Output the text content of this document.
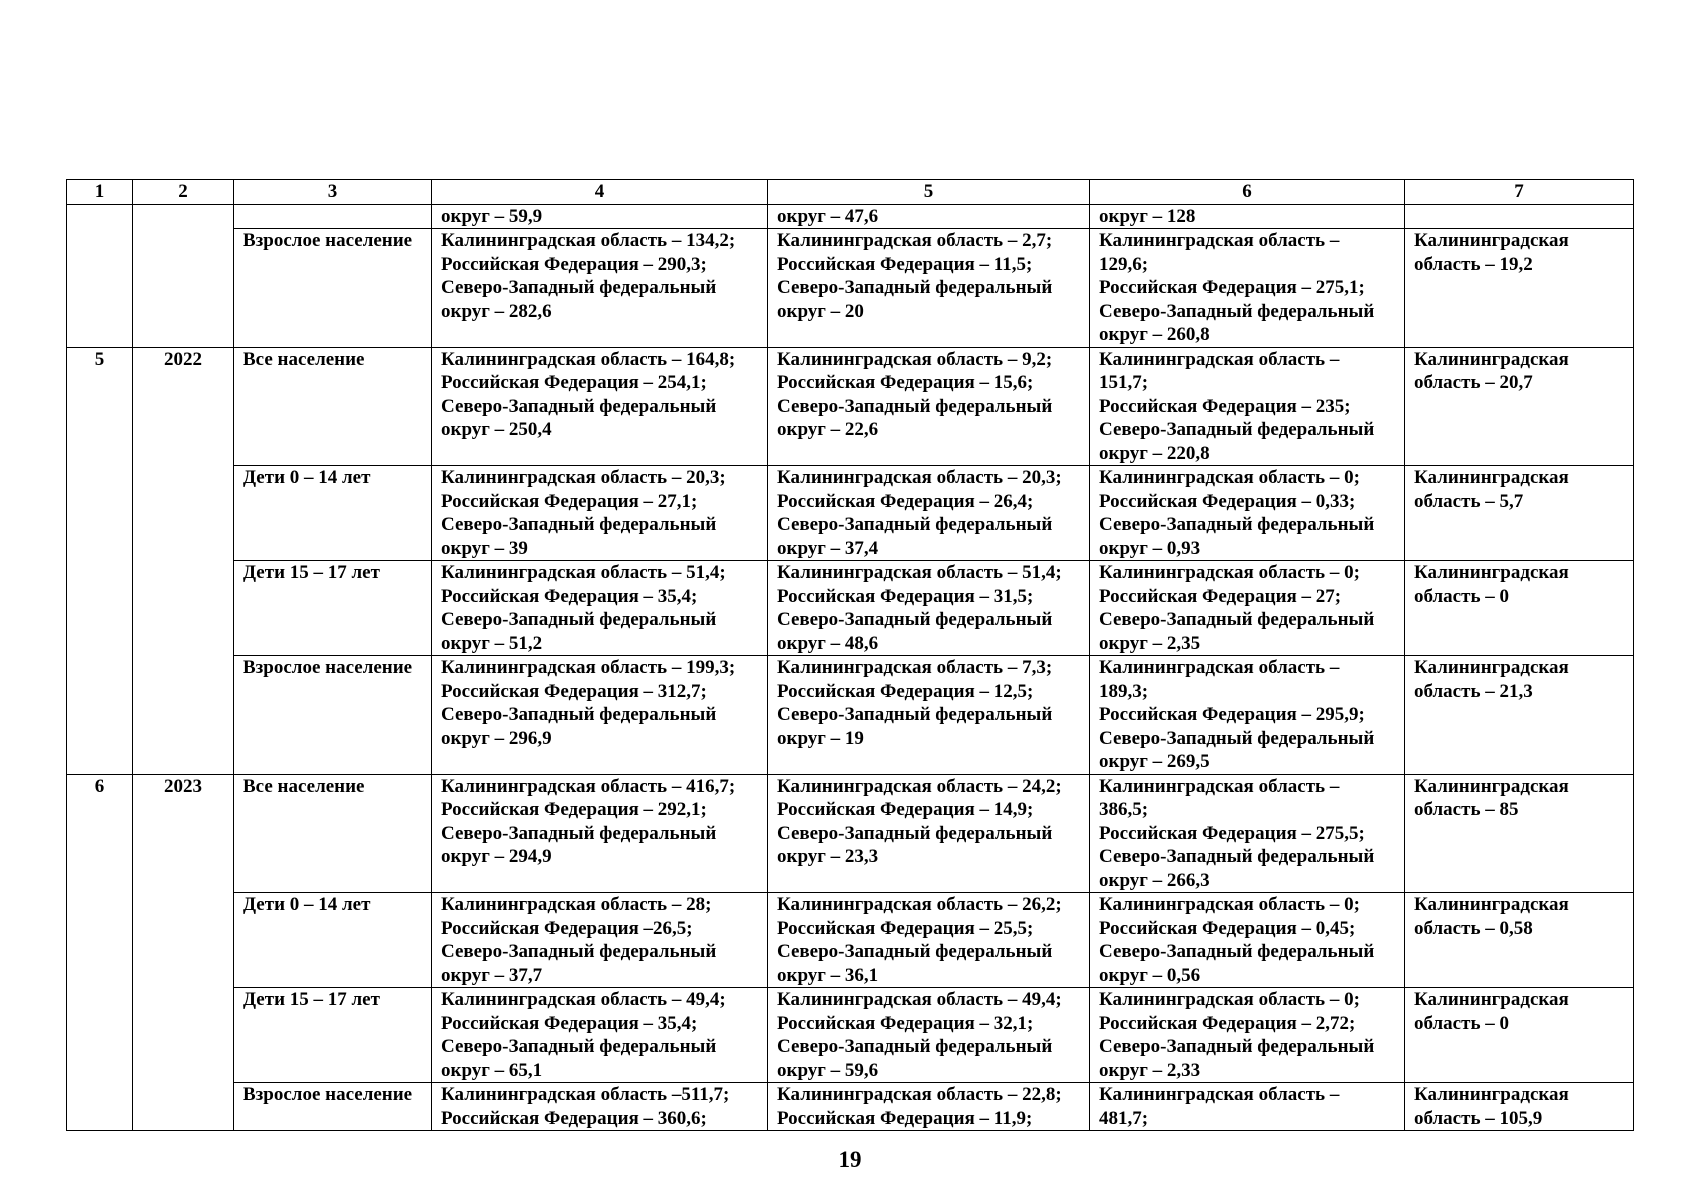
1	2	3	4	5	6	7

			округ – 59,9	округ – 47,6	округ – 128	

		Взрослое население	Калининградская область – 134,2;
Российская Федерация – 290,3;
Северо-Западный федеральный
округ – 282,6	Калининградская область – 2,7;
Российская Федерация – 11,5;
Северо-Западный федеральный
округ – 20	Калининградская область –
129,6;
Российская Федерация – 275,1;
Северо-Западный федеральный
округ – 260,8	Калининградская
область – 19,2

5	2022	Все население	Калининградская область – 164,8;
Российская Федерация – 254,1;
Северо-Западный федеральный
округ – 250,4	Калининградская область – 9,2;
Российская Федерация – 15,6;
Северо-Западный федеральный
округ – 22,6	Калининградская область –
151,7;
Российская Федерация – 235;
Северо-Западный федеральный
округ – 220,8	Калининградская
область – 20,7

		Дети 0 – 14 лет	Калининградская область – 20,3;
Российская Федерация – 27,1;
Северо-Западный федеральный
округ – 39	Калининградская область – 20,3;
Российская Федерация – 26,4;
Северо-Западный федеральный
округ – 37,4	Калининградская область – 0;
Российская Федерация – 0,33;
Северо-Западный федеральный
округ – 0,93	Калининградская
область – 5,7

		Дети 15 – 17 лет	Калининградская область – 51,4;
Российская Федерация – 35,4;
Северо-Западный федеральный
округ – 51,2	Калининградская область – 51,4;
Российская Федерация – 31,5;
Северо-Западный федеральный
округ – 48,6	Калининградская область – 0;
Российская Федерация – 27;
Северо-Западный федеральный
округ – 2,35	Калининградская
область – 0

		Взрослое население	Калининградская область – 199,3;
Российская Федерация – 312,7;
Северо-Западный федеральный
округ – 296,9	Калининградская область – 7,3;
Российская Федерация – 12,5;
Северо-Западный федеральный
округ – 19	Калининградская область –
189,3;
Российская Федерация – 295,9;
Северо-Западный федеральный
округ – 269,5	Калининградская
область – 21,3

6	2023	Все население	Калининградская область – 416,7;
Российская Федерация – 292,1;
Северо-Западный федеральный
округ – 294,9	Калининградская область – 24,2;
Российская Федерация – 14,9;
Северо-Западный федеральный
округ – 23,3	Калининградская область –
386,5;
Российская Федерация – 275,5;
Северо-Западный федеральный
округ – 266,3	Калининградская
область – 85

		Дети 0 – 14 лет	Калининградская область – 28;
Российская Федерация –26,5;
Северо-Западный федеральный
округ – 37,7	Калининградская область – 26,2;
Российская Федерация – 25,5;
Северо-Западный федеральный
округ – 36,1	Калининградская область – 0;
Российская Федерация – 0,45;
Северо-Западный федеральный
округ – 0,56	Калининградская
область – 0,58

		Дети 15 – 17 лет	Калининградская область – 49,4;
Российская Федерация – 35,4;
Северо-Западный федеральный
округ – 65,1	Калининградская область – 49,4;
Российская Федерация – 32,1;
Северо-Западный федеральный
округ – 59,6	Калининградская область – 0;
Российская Федерация – 2,72;
Северо-Западный федеральный
округ – 2,33	Калининградская
область – 0

		Взрослое население	Калининградская область –511,7;
Российская Федерация – 360,6;	Калининградская область – 22,8;
Российская Федерация – 11,9;	Калининградская область –
481,7;	Калининградская
область – 105,9
19
